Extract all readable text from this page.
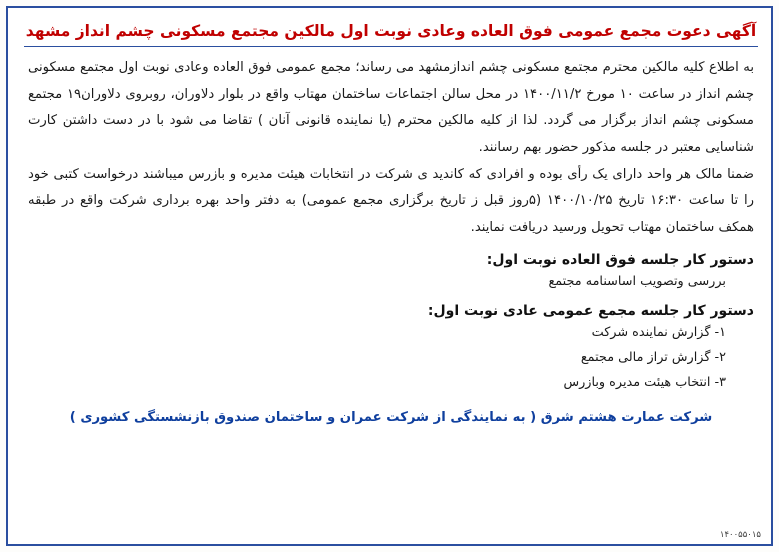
آگهی دعوت مجمع عمومی فوق العاده وعادی نوبت اول مالکین مجتمع مسکونی چشم انداز مشهد
به اطلاع کلیه مالکین محترم مجتمع مسکونی چشم اندازمشهد می رساند؛ مجمع عمومی فوق العاده وعادی نوبت اول مجتمع مسکونی چشم انداز در ساعت ۱۰ مورخ ۱۴۰۰/۱۱/۲ در محل سالن اجتماعات ساختمان مهتاب واقع در بلوار دلاوران، روبروی دلاوران۱۹ مجتمع مسکونی چشم انداز برگزار می گردد. لذا از کلیه مالکین محترم (یا نماینده قانونی آنان ) تقاضا می شود با در دست داشتن کارت شناسایی معتبر در جلسه مذکور حضور بهم رسانند.
ضمنا مالک هر واحد دارای یک رأی بوده و افرادی که کاندید ی شرکت در انتخابات هیئت مدیره و بازرس میباشند درخواست کتبی خود را تا ساعت ۱۶:۳۰ تاریخ ۱۴۰۰/۱۰/۲۵ (۵روز قبل ز تاریخ برگزاری مجمع عمومی) به دفتر واحد بهره برداری شرکت واقع در طبقه همکف ساختمان مهتاب تحویل ورسید دریافت نمایند.
دستور کار جلسه فوق العاده نوبت اول:
بررسی وتصویب اساسنامه مجتمع
دستور کار جلسه مجمع عمومی عادی نوبت اول:
۱- گزارش نماینده شرکت
۲- گزارش تراز مالی مجتمع
۳- انتخاب هیئت مدیره وبازرس
شرکت عمارت هشتم شرق ( به نمایندگی از شرکت عمران و ساختمان صندوق بازنشستگی کشوری )
۱۴۰۰۵۵۰۱۵
